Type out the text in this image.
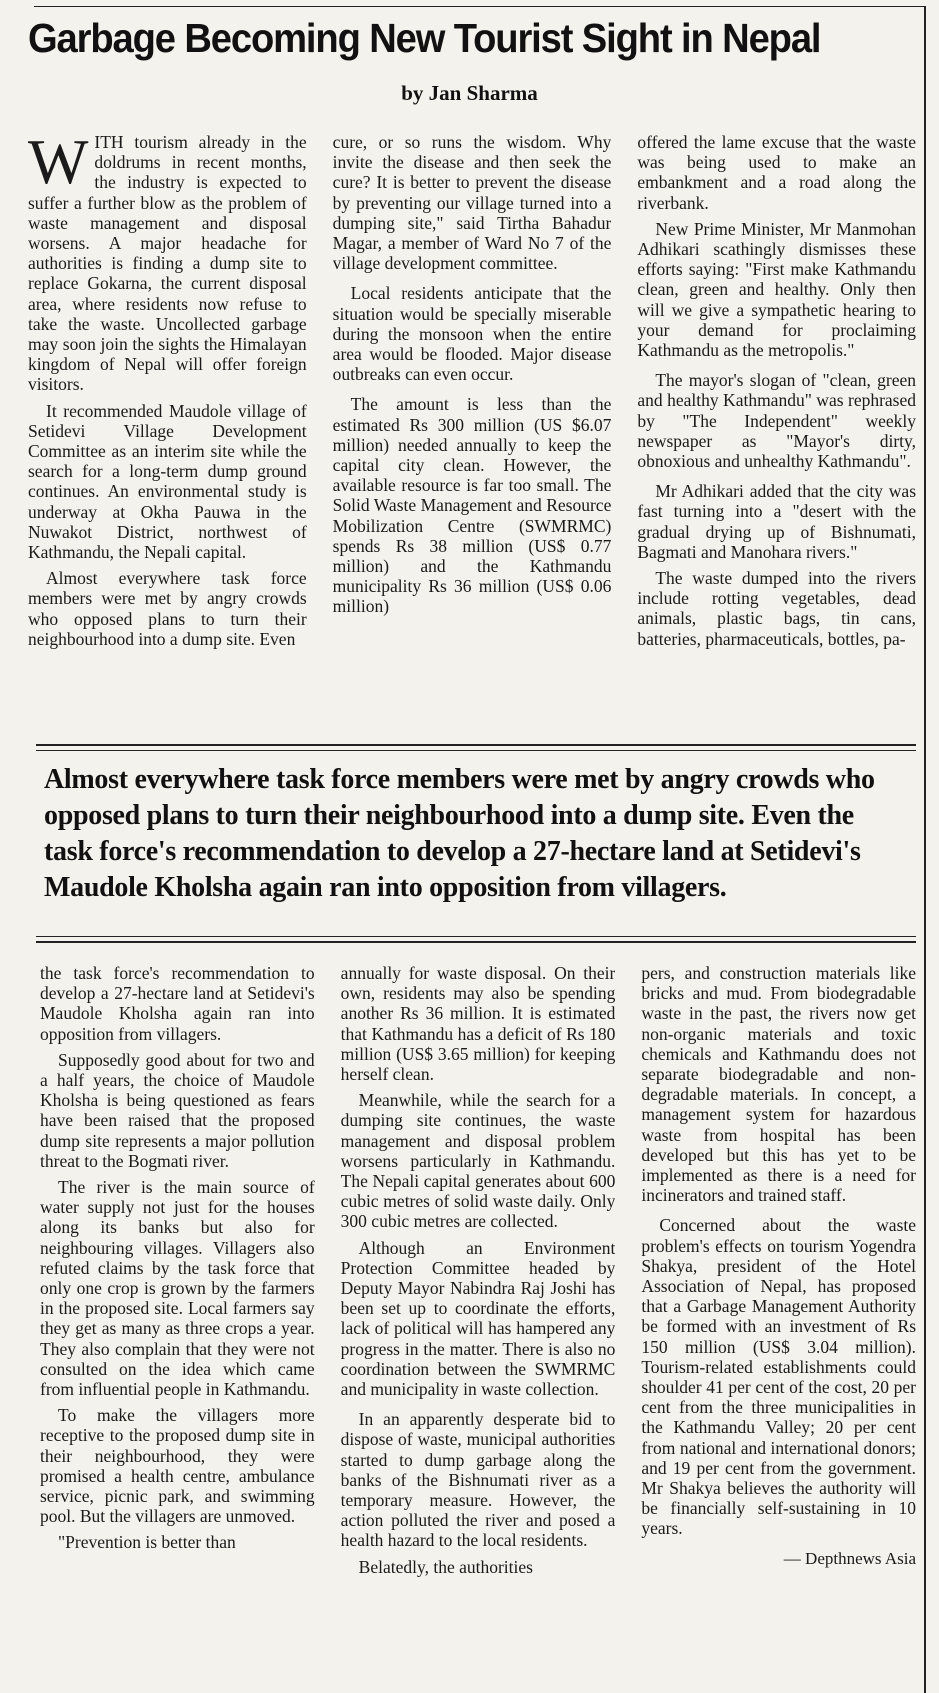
Garbage Becoming New Tourist Sight in Nepal
by Jan Sharma

WITH tourism already in the doldrums in recent months, the industry is expected to suffer a further blow as the problem of waste management and disposal worsens. A major headache for authorities is finding a dump site to replace Gokarna, the current disposal area, where residents now refuse to take the waste. Uncollected garbage may soon join the sights the Himalayan kingdom of Nepal will offer foreign visitors.

It recommended Maudole village of Setidevi Village Development Committee as an interim site while the search for a long-term dump ground continues. An environmental study is underway at Okha Pauwa in the Nuwakot District, northwest of Kathmandu, the Nepali capital.

Almost everywhere task force members were met by angry crowds who opposed plans to turn their neighbourhood into a dump site. Even

cure, or so runs the wisdom. Why invite the disease and then seek the cure? It is better to prevent the disease by preventing our village turned into a dumping site," said Tirtha Bahadur Magar, a member of Ward No 7 of the village development committee.

Local residents anticipate that the situation would be specially miserable during the monsoon when the entire area would be flooded. Major disease outbreaks can even occur.

The amount is less than the estimated Rs 300 million (US $6.07 million) needed annually to keep the capital city clean. However, the available resource is far too small. The Solid Waste Management and Resource Mobilization Centre (SWMRMC) spends Rs 38 million (US$ 0.77 million) and the Kathmandu municipality Rs 36 million (US$ 0.06 million)

offered the lame excuse that the waste was being used to make an embankment and a road along the riverbank.

New Prime Minister, Mr Manmohan Adhikari scathingly dismisses these efforts saying: "First make Kathmandu clean, green and healthy. Only then will we give a sympathetic hearing to your demand for proclaiming Kathmandu as the metropolis."

The mayor's slogan of "clean, green and healthy Kathmandu" was rephrased by "The Independent" weekly newspaper as "Mayor's dirty, obnoxious and unhealthy Kathmandu".

Mr Adhikari added that the city was fast turning into a "desert with the gradual drying up of Bishnumati, Bagmati and Manohara rivers."

The waste dumped into the rivers include rotting vegetables, dead animals, plastic bags, tin cans, batteries, pharmaceuticals, bottles, pa-

Almost everywhere task force members were met by angry crowds who opposed plans to turn their neighbourhood into a dump site. Even the task force's recommendation to develop a 27-hectare land at Setidevi's Maudole Kholsha again ran into opposition from villagers.

the task force's recommendation to develop a 27-hectare land at Setidevi's Maudole Kholsha again ran into opposition from villagers.

Supposedly good about for two and a half years, the choice of Maudole Kholsha is being questioned as fears have been raised that the proposed dump site represents a major pollution threat to the Bogmati river.

The river is the main source of water supply not just for the houses along its banks but also for neighbouring villages. Villagers also refuted claims by the task force that only one crop is grown by the farmers in the proposed site. Local farmers say they get as many as three crops a year. They also complain that they were not consulted on the idea which came from influential people in Kathmandu.

To make the villagers more receptive to the proposed dump site in their neighbourhood, they were promised a health centre, ambulance service, picnic park, and swimming pool. But the villagers are unmoved.

"Prevention is better than

annually for waste disposal. On their own, residents may also be spending another Rs 36 million. It is estimated that Kathmandu has a deficit of Rs 180 million (US$ 3.65 million) for keeping herself clean.

Meanwhile, while the search for a dumping site continues, the waste management and disposal problem worsens particularly in Kathmandu. The Nepali capital generates about 600 cubic metres of solid waste daily. Only 300 cubic metres are collected.

Although an Environment Protection Committee headed by Deputy Mayor Nabindra Raj Joshi has been set up to coordinate the efforts, lack of political will has hampered any progress in the matter. There is also no coordination between the SWMRMC and municipality in waste collection.

In an apparently desperate bid to dispose of waste, municipal authorities started to dump garbage along the banks of the Bishnumati river as a temporary measure. However, the action polluted the river and posed a health hazard to the local residents.

Belatedly, the authorities

pers, and construction materials like bricks and mud. From biodegradable waste in the past, the rivers now get non-organic materials and toxic chemicals and Kathmandu does not separate biodegradable and non-degradable materials. In concept, a management system for hazardous waste from hospital has been developed but this has yet to be implemented as there is a need for incinerators and trained staff.

Concerned about the waste problem's effects on tourism Yogendra Shakya, president of the Hotel Association of Nepal, has proposed that a Garbage Management Authority be formed with an investment of Rs 150 million (US$ 3.04 million). Tourism-related establishments could shoulder 41 per cent of the cost, 20 per cent from the three municipalities in the Kathmandu Valley; 20 per cent from national and international donors; and 19 per cent from the government. Mr Shakya believes the authority will be financially self-sustaining in 10 years.

— Depthnews Asia
